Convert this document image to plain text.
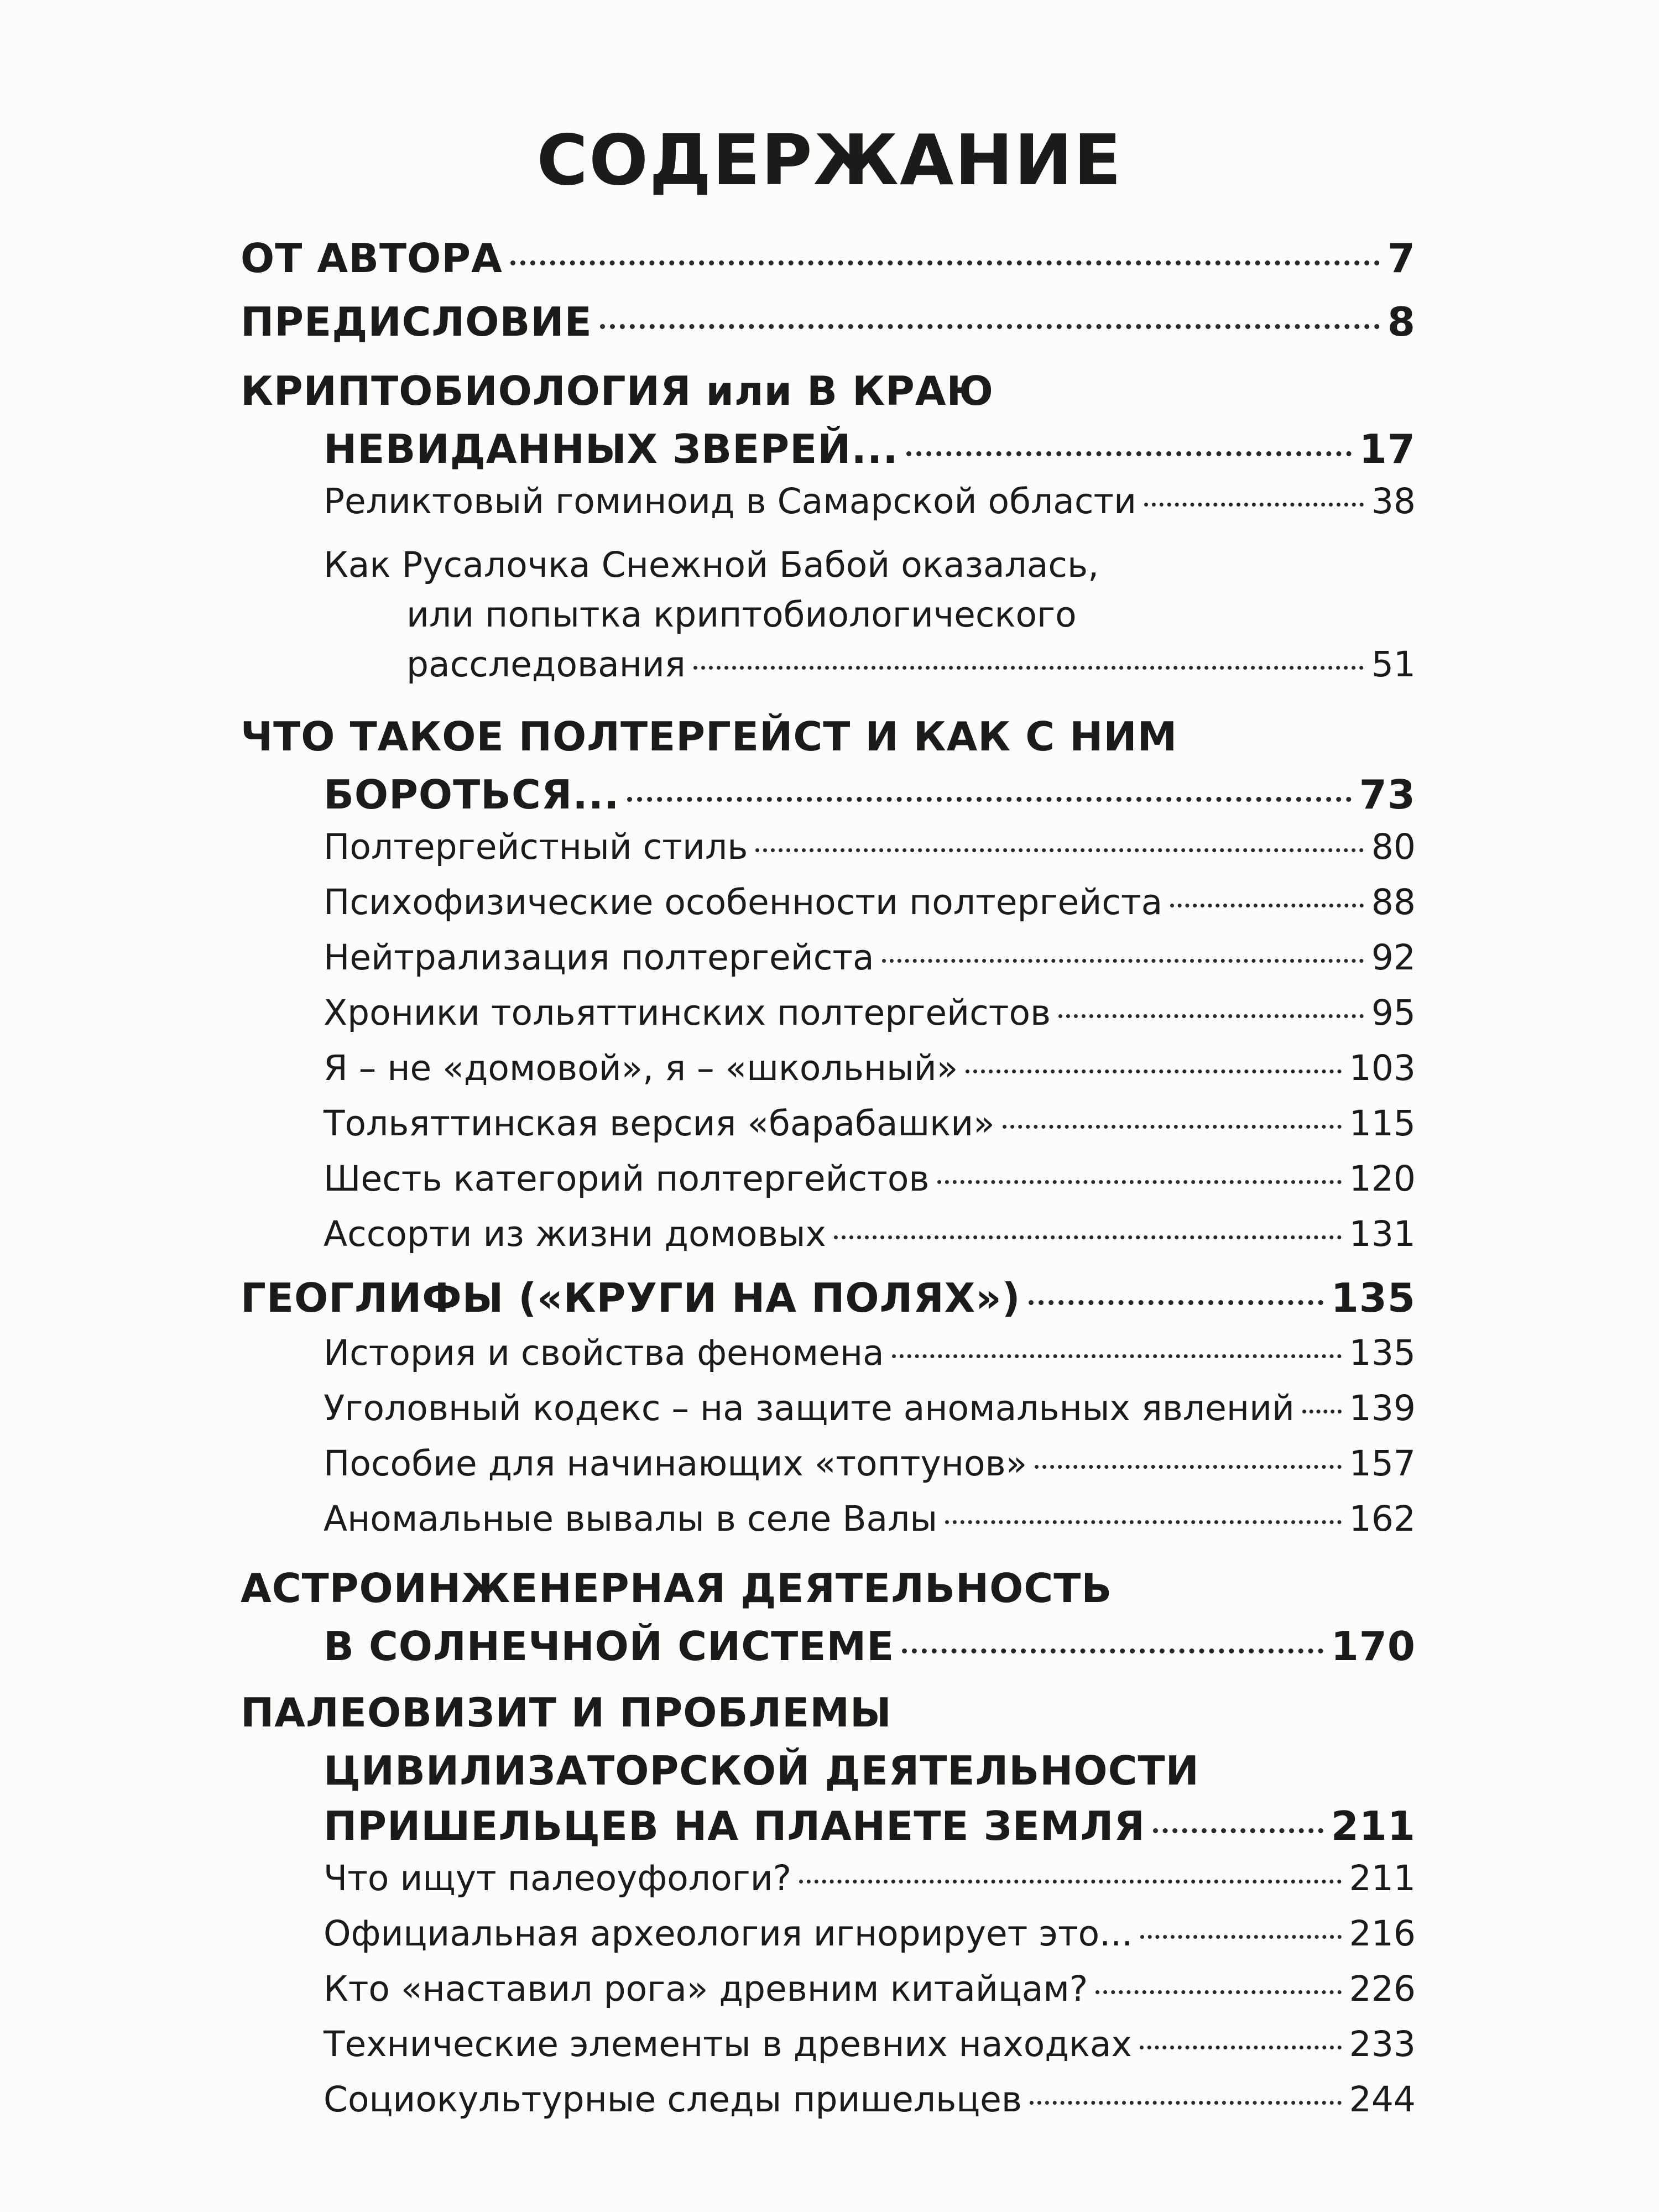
СОДЕРЖАНИЕ
ОТ АВТОРА	7
ПРЕДИСЛОВИЕ	8
КРИПТОБИОЛОГИЯ или В КРАЮ
НЕВИДАННЫХ ЗВЕРЕЙ...	17
Реликтовый гоминоид в Самарской области	38
Как Русалочка Снежной Бабой оказалась,
или попытка криптобиологического
расследования	51
ЧТО ТАКОЕ ПОЛТЕРГЕЙСТ И КАК С НИМ
БОРОТЬСЯ...	73
Полтергейстный стиль	80
Психофизические особенности полтергейста	88
Нейтрализация полтергейста	92
Хроники тольяттинских полтергейстов	95
Я – не «домовой», я – «школьный»	103
Тольяттинская версия «барабашки»	115
Шесть категорий полтергейстов	120
Ассорти из жизни домовых	131
ГЕОГЛИФЫ («КРУГИ НА ПОЛЯХ»)	135
История и свойства феномена	135
Уголовный кодекс – на защите аномальных явлений 139
Пособие для начинающих «топтунов»	157
Аномальные вывалы в селе Валы	162
АСТРОИНЖЕНЕРНАЯ ДЕЯТЕЛЬНОСТЬ
В СОЛНЕЧНОЙ СИСТЕМЕ	170
ПАЛЕОВИЗИТ И ПРОБЛЕМЫ
ЦИВИЛИЗАТОРСКОЙ ДЕЯТЕЛЬНОСТИ
ПРИШЕЛЬЦЕВ НА ПЛАНЕТЕ ЗЕМЛЯ	211
Что ищут палеоуфологи?	211
Официальная археология игнорирует это...	216
Кто «наставил рога» древним китайцам?	226
Технические элементы в древних находках	233
Социокультурные следы пришельцев	244
